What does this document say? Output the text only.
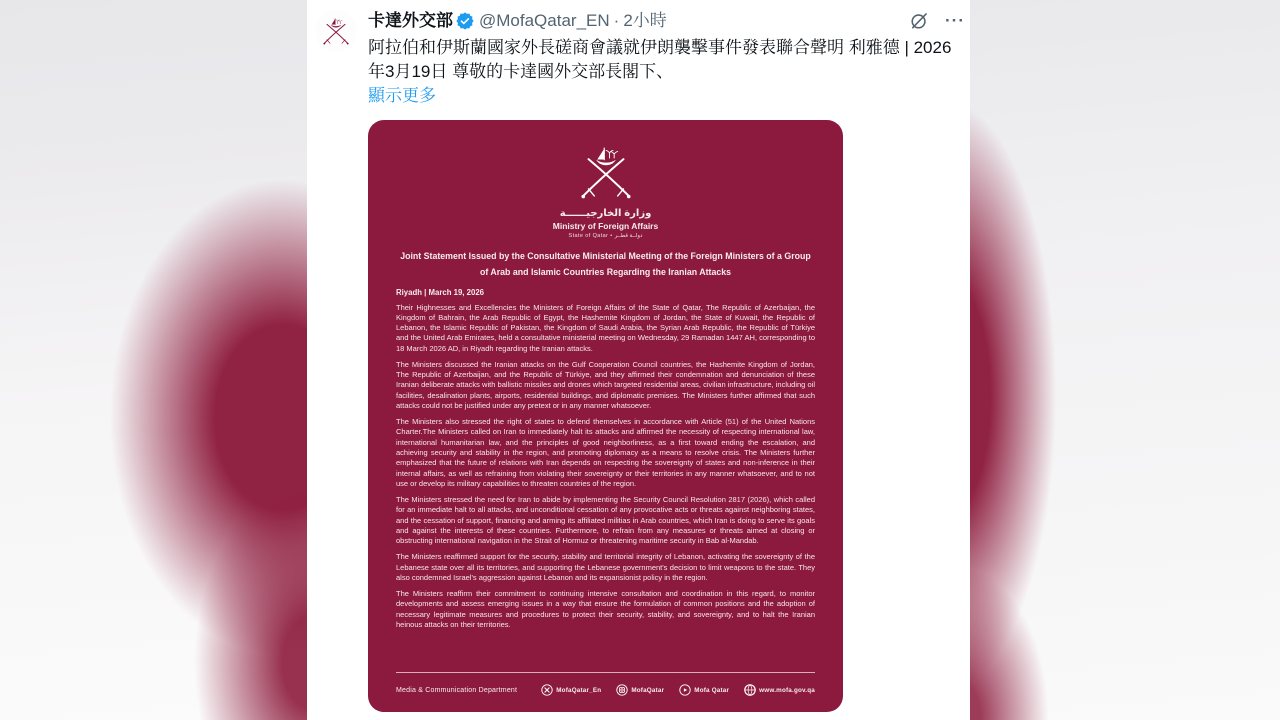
卡達外交部 @MofaQatar_EN · 2小時	···
阿拉伯和伊斯蘭國家外長磋商會議就伊朗襲擊事件發表聯合聲明 利雅德 | 2026年3月19日 尊敬的卡達國外交部長閣下、
顯示更多
وزارة الخارجيــــــة
Ministry of Foreign Affairs
State of Qatar • دولــة قطــر
Joint Statement Issued by the Consultative Ministerial Meeting of the Foreign Ministers of a Group of Arab and Islamic Countries Regarding the Iranian Attacks
Riyadh | March 19, 2026

Their Highnesses and Excellencies the Ministers of Foreign Affairs of the State of Qatar, The Republic of Azerbaijan, the Kingdom of Bahrain, the Arab Republic of Egypt, the Hashemite Kingdom of Jordan, the State of Kuwait, the Republic of Lebanon, the Islamic Republic of Pakistan, the Kingdom of Saudi Arabia, the Syrian Arab Republic, the Republic of Türkiye and the United Arab Emirates, held a consultative ministerial meeting on Wednesday, 29 Ramadan 1447 AH, corresponding to 18 March 2026 AD, in Riyadh regarding the Iranian attacks.

The Ministers discussed the Iranian attacks on the Gulf Cooperation Council countries, the Hashemite Kingdom of Jordan, The Republic of Azerbaijan, and the Republic of Türkiye, and they affirmed their condemnation and denunciation of these Iranian deliberate attacks with ballistic missiles and drones which targeted residential areas, civilian infrastructure, including oil facilities, desalination plants, airports, residential buildings, and diplomatic premises. The Ministers further affirmed that such attacks could not be justified under any pretext or in any manner whatsoever.

The Ministers also stressed the right of states to defend themselves in accordance with Article (51) of the United Nations Charter.The Ministers called on Iran to immediately halt its attacks and affirmed the necessity of respecting international law, international humanitarian law, and the principles of good neighborliness, as a first toward ending the escalation, and achieving security and stability in the region, and promoting diplomacy as a means to resolve crisis. The Ministers further emphasized that the future of relations with Iran depends on respecting the sovereignty of states and non-inference in their internal affairs, as well as refraining from violating their sovereignty or their territories in any manner whatsoever, and to not use or develop its military capabilities to threaten countries of the region.

The Ministers stressed the need for Iran to abide by implementing the Security Council Resolution 2817 (2026), which called for an immediate halt to all attacks, and unconditional cessation of any provocative acts or threats against neighboring states, and the cessation of support, financing and arming its affiliated militias in Arab countries, which Iran is doing to serve its goals and against the interests of these countries. Furthermore, to refrain from any measures or threats aimed at closing or obstructing international navigation in the Strait of Hormuz or threatening maritime security in Bab al-Mandab.

The Ministers reaffirmed support for the security, stability and territorial integrity of Lebanon, activating the sovereignty of the Lebanese state over all its territories, and supporting the Lebanese government's decision to limit weapons to the state. They also condemned Israel's aggression against Lebanon and its expansionist policy in the region.

The Ministers reaffirm their commitment to continuing intensive consultation and coordination in this regard, to monitor developments and assess emerging issues in a way that ensure the formulation of common positions and the adoption of necessary legitimate measures and procedures to protect their security, stability, and sovereignty, and to halt the Iranian heinous attacks on their territories.

Media & Communication Department	MofaQatar_En	MofaQatar	Mofa Qatar	www.mofa.gov.qa
